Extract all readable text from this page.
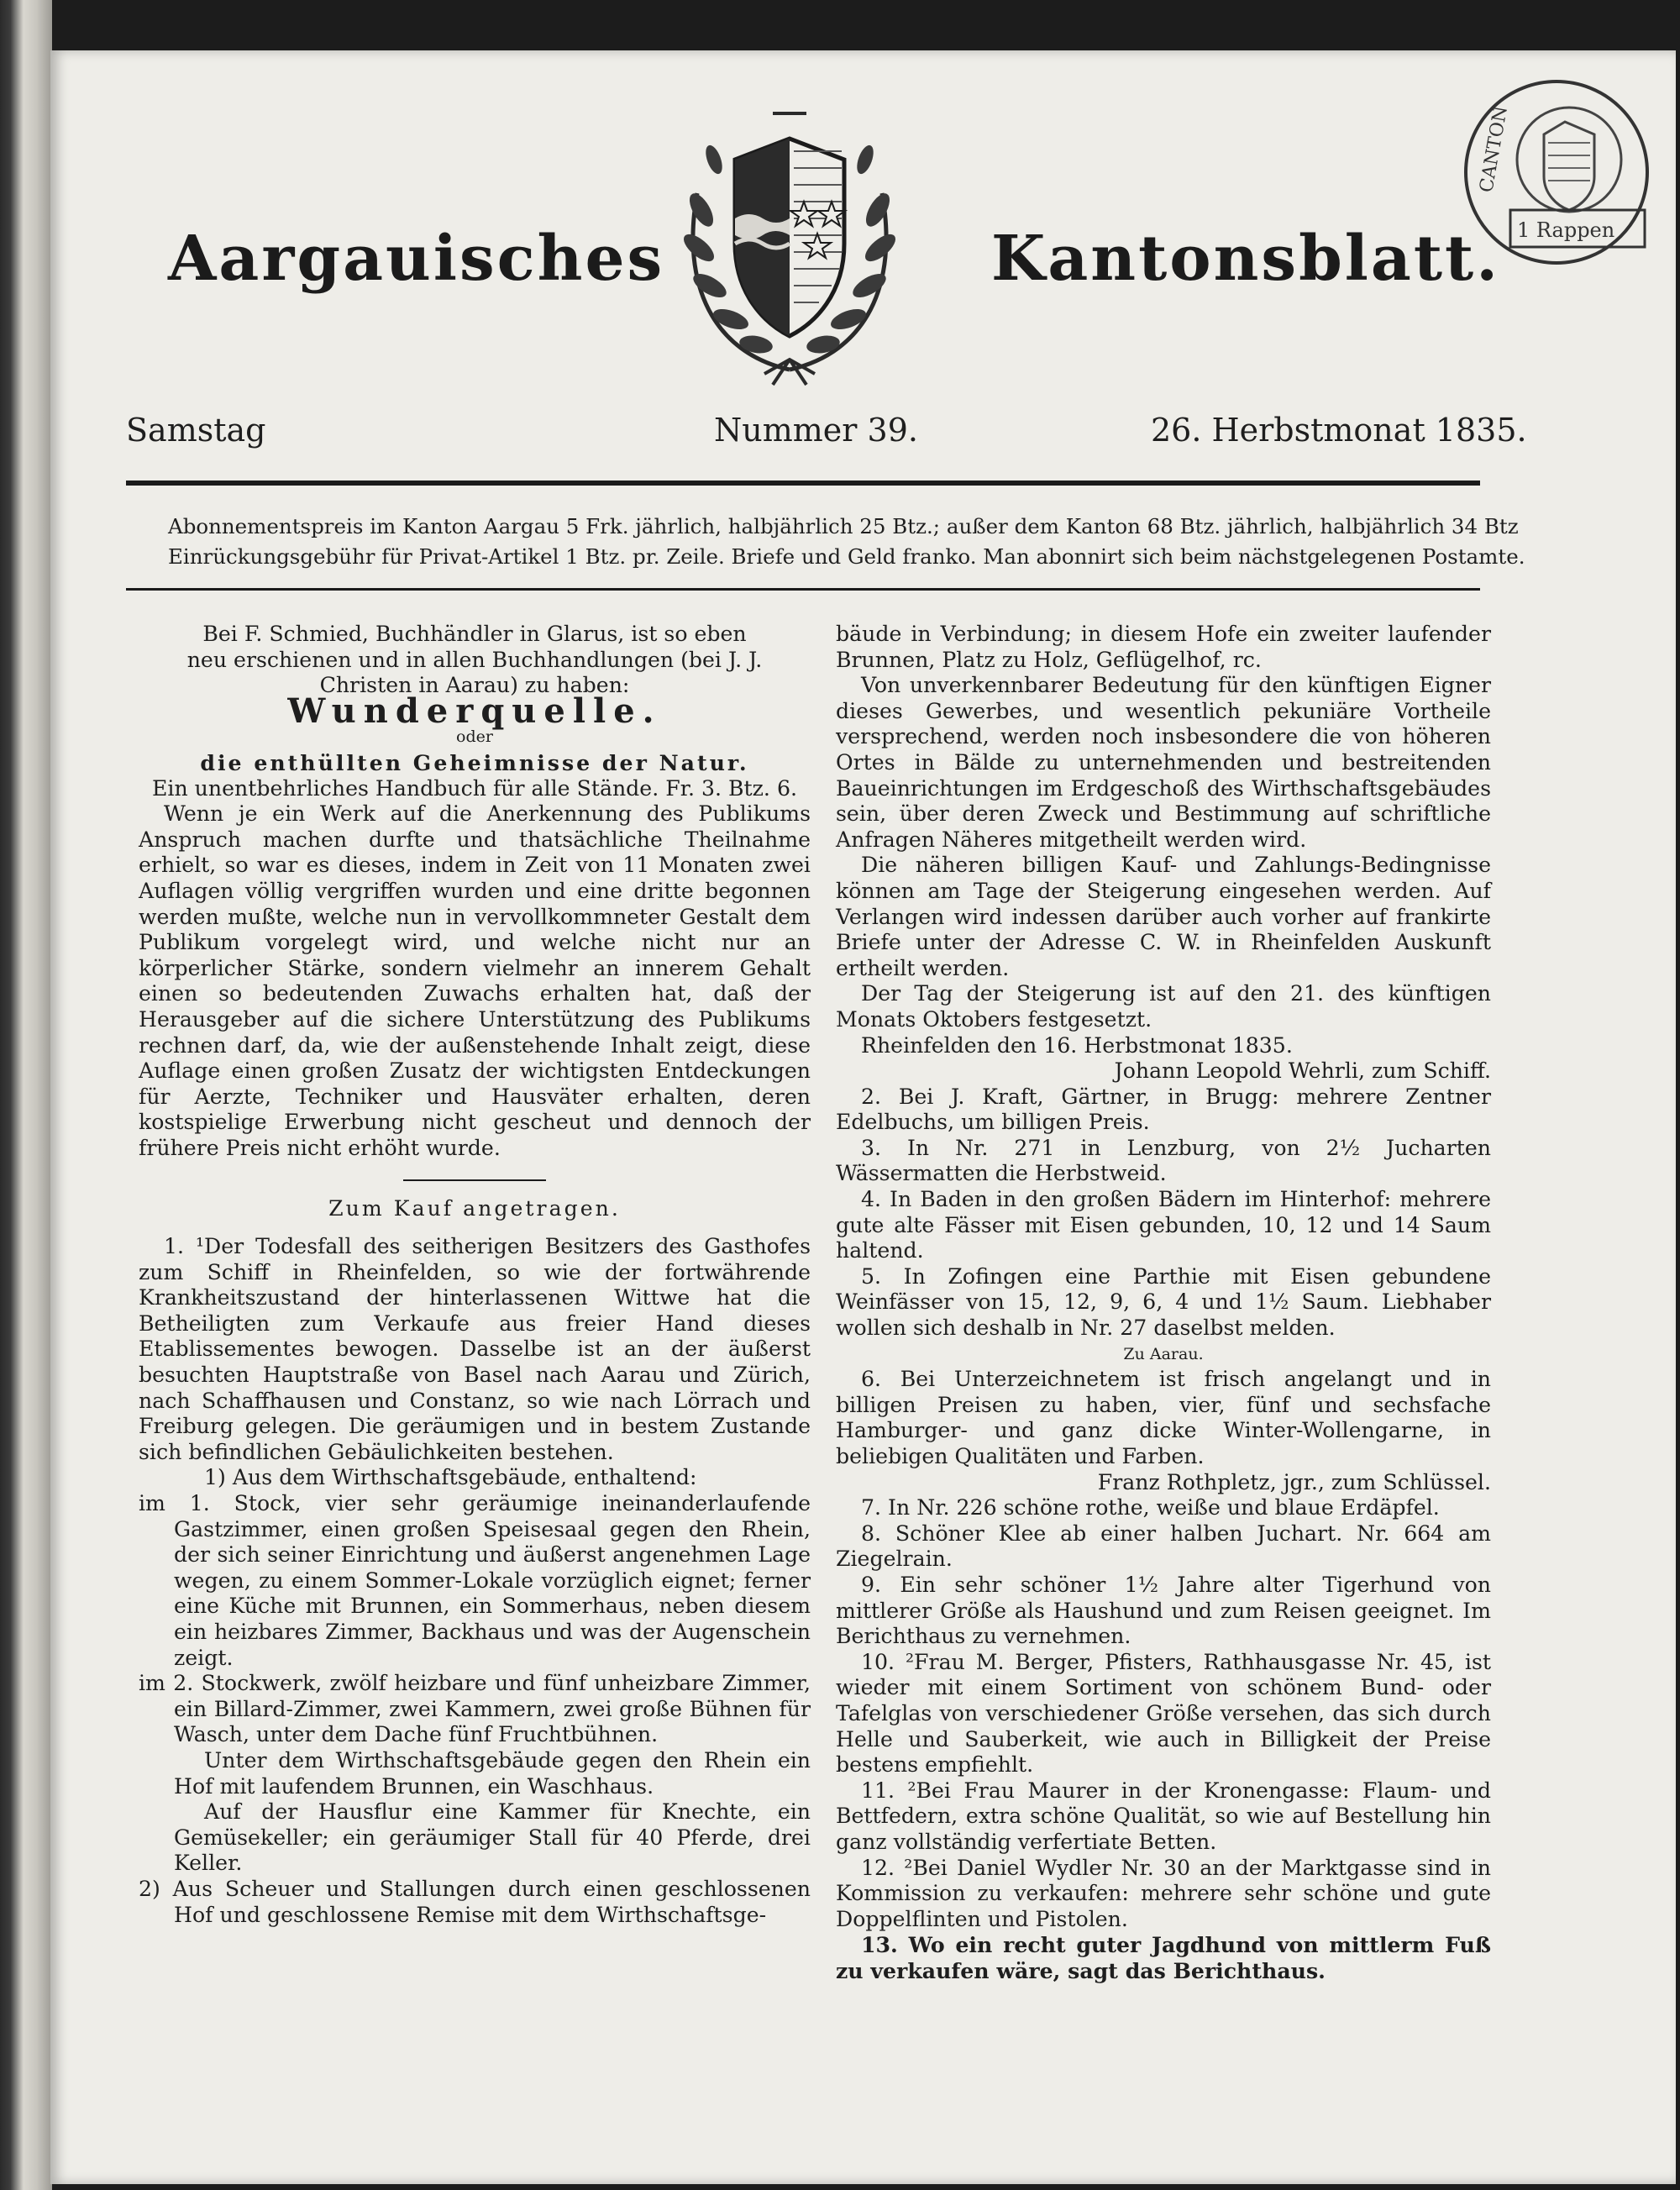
Aargauisches	Kantonsblatt.
CANTON
1 Rappen
Samstag	Nummer 39.	26. Herbstmonat 1835.
Abonnementspreis im Kanton Aargau 5 Frk. jährlich, halbjährlich 25 Btz.; außer dem Kanton 68 Btz. jährlich, halbjährlich 34 Btz
Einrückungsgebühr für Privat-Artikel 1 Btz. pr. Zeile. Briefe und Geld franko. Man abonnirt sich beim nächstgelegenen Postamte.

Bei F. Schmied, Buchhändler in Glarus, ist so eben

neu erschienen und in allen Buchhandlungen (bei J. J.

Christen in Aarau) zu haben:

Wunderquelle.

oder

die enthüllten Geheimnisse der Natur.

Ein unentbehrliches Handbuch für alle Stände. Fr. 3. Btz. 6.

Wenn je ein Werk auf die Anerkennung des Publikums Anspruch machen durfte und thatsächliche Theilnahme erhielt, so war es dieses, indem in Zeit von 11 Monaten zwei Auflagen völlig vergriffen wurden und eine dritte begonnen werden mußte, welche nun in vervollkommneter Gestalt dem Publikum vorgelegt wird, und welche nicht nur an körperlicher Stärke, sondern vielmehr an innerem Gehalt einen so bedeutenden Zuwachs erhalten hat, daß der Herausgeber auf die sichere Unterstützung des Publikums rechnen darf, da, wie der außenstehende Inhalt zeigt, diese Auflage einen großen Zusatz der wichtigsten Entdeckungen für Aerzte, Techniker und Hausväter erhalten, deren kostspielige Erwerbung nicht gescheut und dennoch der frühere Preis nicht erhöht wurde.

Zum Kauf angetragen.

1. ¹Der Todesfall des seitherigen Besitzers des Gasthofes zum Schiff in Rheinfelden, so wie der fortwährende Krankheitszustand der hinterlassenen Wittwe hat die Betheiligten zum Verkaufe aus freier Hand dieses Etablissementes bewogen. Dasselbe ist an der äußerst besuchten Hauptstraße von Basel nach Aarau und Zürich, nach Schaffhausen und Constanz, so wie nach Lörrach und Freiburg gelegen. Die geräumigen und in bestem Zustande sich befindlichen Gebäulichkeiten bestehen.

1) Aus dem Wirthschaftsgebäude, enthaltend:

im 1. Stock, vier sehr geräumige ineinanderlaufende Gastzimmer, einen großen Speisesaal gegen den Rhein, der sich seiner Einrichtung und äußerst angenehmen Lage wegen, zu einem Sommer-Lokale vorzüglich eignet; ferner eine Küche mit Brunnen, ein Sommerhaus, neben diesem ein heizbares Zimmer, Backhaus und was der Augenschein zeigt.

im 2. Stockwerk, zwölf heizbare und fünf unheizbare Zimmer, ein Billard-Zimmer, zwei Kammern, zwei große Bühnen für Wasch, unter dem Dache fünf Fruchtbühnen.

Unter dem Wirthschaftsgebäude gegen den Rhein ein Hof mit laufendem Brunnen, ein Waschhaus.

Auf der Hausflur eine Kammer für Knechte, ein Gemüsekeller; ein geräumiger Stall für 40 Pferde, drei Keller.

2) Aus Scheuer und Stallungen durch einen geschlossenen Hof und geschlossene Remise mit dem Wirthschaftsge-

bäude in Verbindung; in diesem Hofe ein zweiter laufender Brunnen, Platz zu Holz, Geflügelhof, rc.

Von unverkennbarer Bedeutung für den künftigen Eigner dieses Gewerbes, und wesentlich pekuniäre Vortheile versprechend, werden noch insbesondere die von höheren Ortes in Bälde zu unternehmenden und bestreitenden Baueinrichtungen im Erdgeschoß des Wirthschaftsgebäudes sein, über deren Zweck und Bestimmung auf schriftliche Anfragen Näheres mitgetheilt werden wird.

Die näheren billigen Kauf- und Zahlungs-Bedingnisse können am Tage der Steigerung eingesehen werden. Auf Verlangen wird indessen darüber auch vorher auf frankirte Briefe unter der Adresse C. W. in Rheinfelden Auskunft ertheilt werden.

Der Tag der Steigerung ist auf den 21. des künftigen Monats Oktobers festgesetzt.

Rheinfelden den 16. Herbstmonat 1835.

Johann Leopold Wehrli, zum Schiff.

2. Bei J. Kraft, Gärtner, in Brugg: mehrere Zentner Edelbuchs, um billigen Preis.

3. In Nr. 271 in Lenzburg, von 2½ Jucharten Wässermatten die Herbstweid.

4. In Baden in den großen Bädern im Hinterhof: mehrere gute alte Fässer mit Eisen gebunden, 10, 12 und 14 Saum haltend.

5. In Zofingen eine Parthie mit Eisen gebundene Weinfässer von 15, 12, 9, 6, 4 und 1½ Saum. Liebhaber wollen sich deshalb in Nr. 27 daselbst melden.

Zu Aarau.

6. Bei Unterzeichnetem ist frisch angelangt und in billigen Preisen zu haben, vier, fünf und sechsfache Hamburger- und ganz dicke Winter-Wollengarne, in beliebigen Qualitäten und Farben.

Franz Rothpletz, jgr., zum Schlüssel.

7. In Nr. 226 schöne rothe, weiße und blaue Erdäpfel.

8. Schöner Klee ab einer halben Juchart. Nr. 664 am Ziegelrain.

9. Ein sehr schöner 1½ Jahre alter Tigerhund von mittlerer Größe als Haushund und zum Reisen geeignet. Im Berichthaus zu vernehmen.

10. ²Frau M. Berger, Pfisters, Rathhausgasse Nr. 45, ist wieder mit einem Sortiment von schönem Bund- oder Tafelglas von verschiedener Größe versehen, das sich durch Helle und Sauberkeit, wie auch in Billigkeit der Preise bestens empfiehlt.

11. ²Bei Frau Maurer in der Kronengasse: Flaum- und Bettfedern, extra schöne Qualität, so wie auf Bestellung hin ganz vollständig verfertiate Betten.

12. ²Bei Daniel Wydler Nr. 30 an der Marktgasse sind in Kommission zu verkaufen: mehrere sehr schöne und gute Doppelflinten und Pistolen.

13. Wo ein recht guter Jagdhund von mittlerm Fuß zu verkaufen wäre, sagt das Berichthaus.
